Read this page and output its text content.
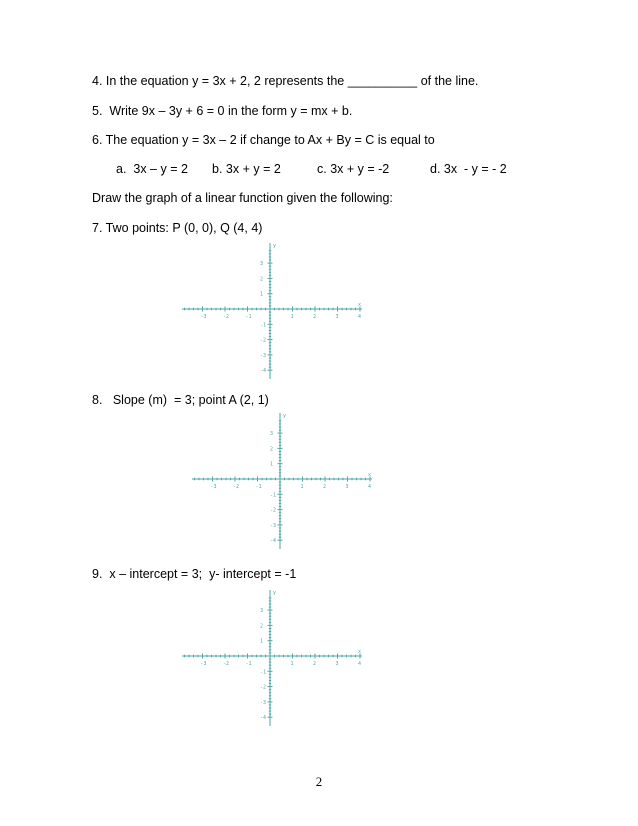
4. In the equation y = 3x + 2, 2 represents the __________ of the line.
5.  Write 9x – 3y + 6 = 0 in the form y = mx + b.
6. The equation y = 3x – 2 if change to Ax + By = C is equal to
a.  3x – y = 2 b. 3x + y = 2	c. 3x + y = -2	d. 3x  - y = - 2
Draw the graph of a linear function given the following:
7. Two points: P (0, 0), Q (4, 4)
-3	-2	-1	1	2	3	4
3
2
1
-1
-2
-3
-4
x
y
8.   Slope (m)  = 3; point A (2, 1)
-3	-2	-1	1	2	3	4
3
2
1
-1
-2
-3
-4
x
y
9.  x – intercept = 3;  y- intercept = -1
-3	-2	-1	1	2	3	4
3
2
1
-1
-2
-3
-4
x
y
2
